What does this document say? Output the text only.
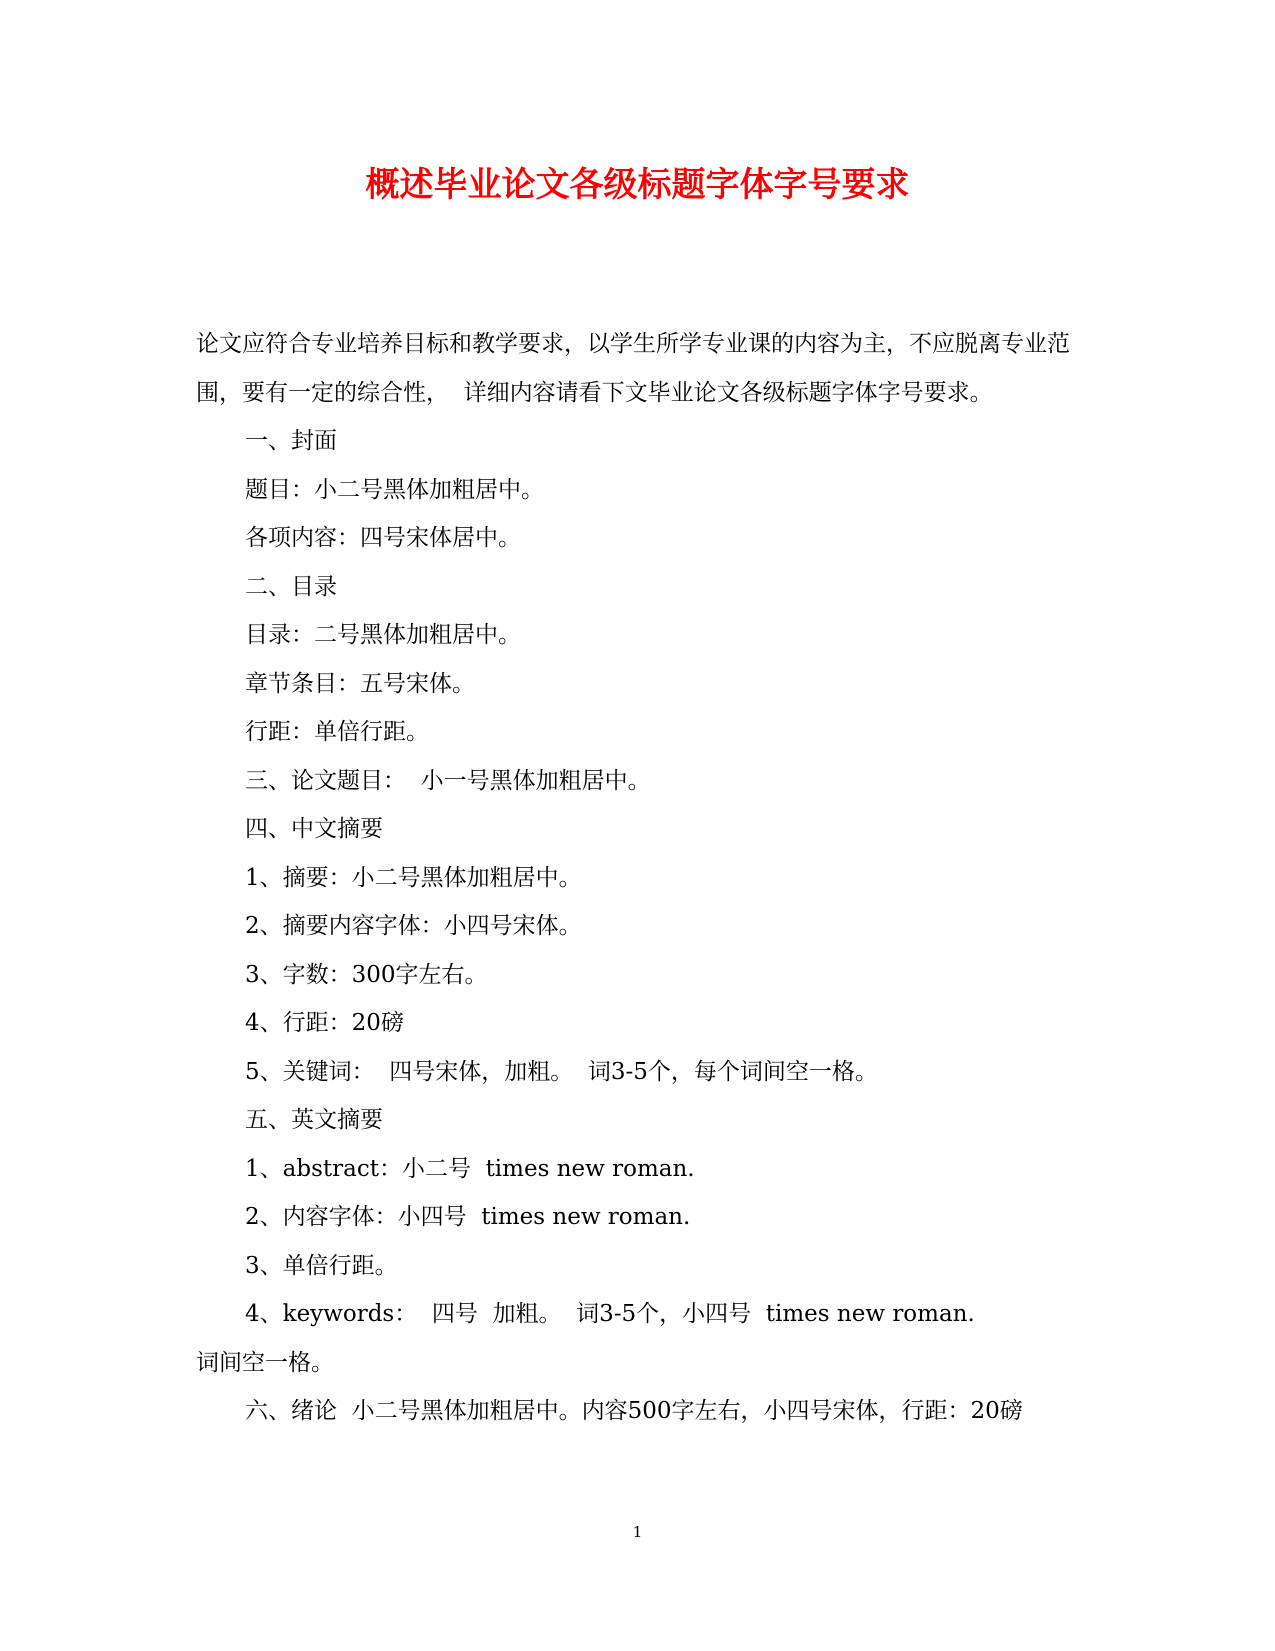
概述毕业论文各级标题字体字号要求

论文应符合专业培养目标和教学要求，以学生所学专业课的内容为主，不应脱离专业范围，要有一定的综合性，  详细内容请看下文毕业论文各级标题字体字号要求。

一、封面

题目：小二号黑体加粗居中。

各项内容：四号宋体居中。

二、目录

目录：二号黑体加粗居中。

章节条目：五号宋体。

行距：单倍行距。

三、论文题目：  小一号黑体加粗居中。

四、中文摘要

1、摘要：小二号黑体加粗居中。

2、摘要内容字体：小四号宋体。

3、字数：300字左右。

4、行距：20磅

5、关键词：  四号宋体，加粗。  词3-5个，每个词间空一格。

五、英文摘要

1、abstract：小二号  times new roman.

2、内容字体：小四号  times new roman.

3、单倍行距。

4、keywords：  四号  加粗。  词3-5个，小四号  times new roman.

词间空一格。

六、绪论  小二号黑体加粗居中。内容500字左右，小四号宋体，行距：20磅

1
